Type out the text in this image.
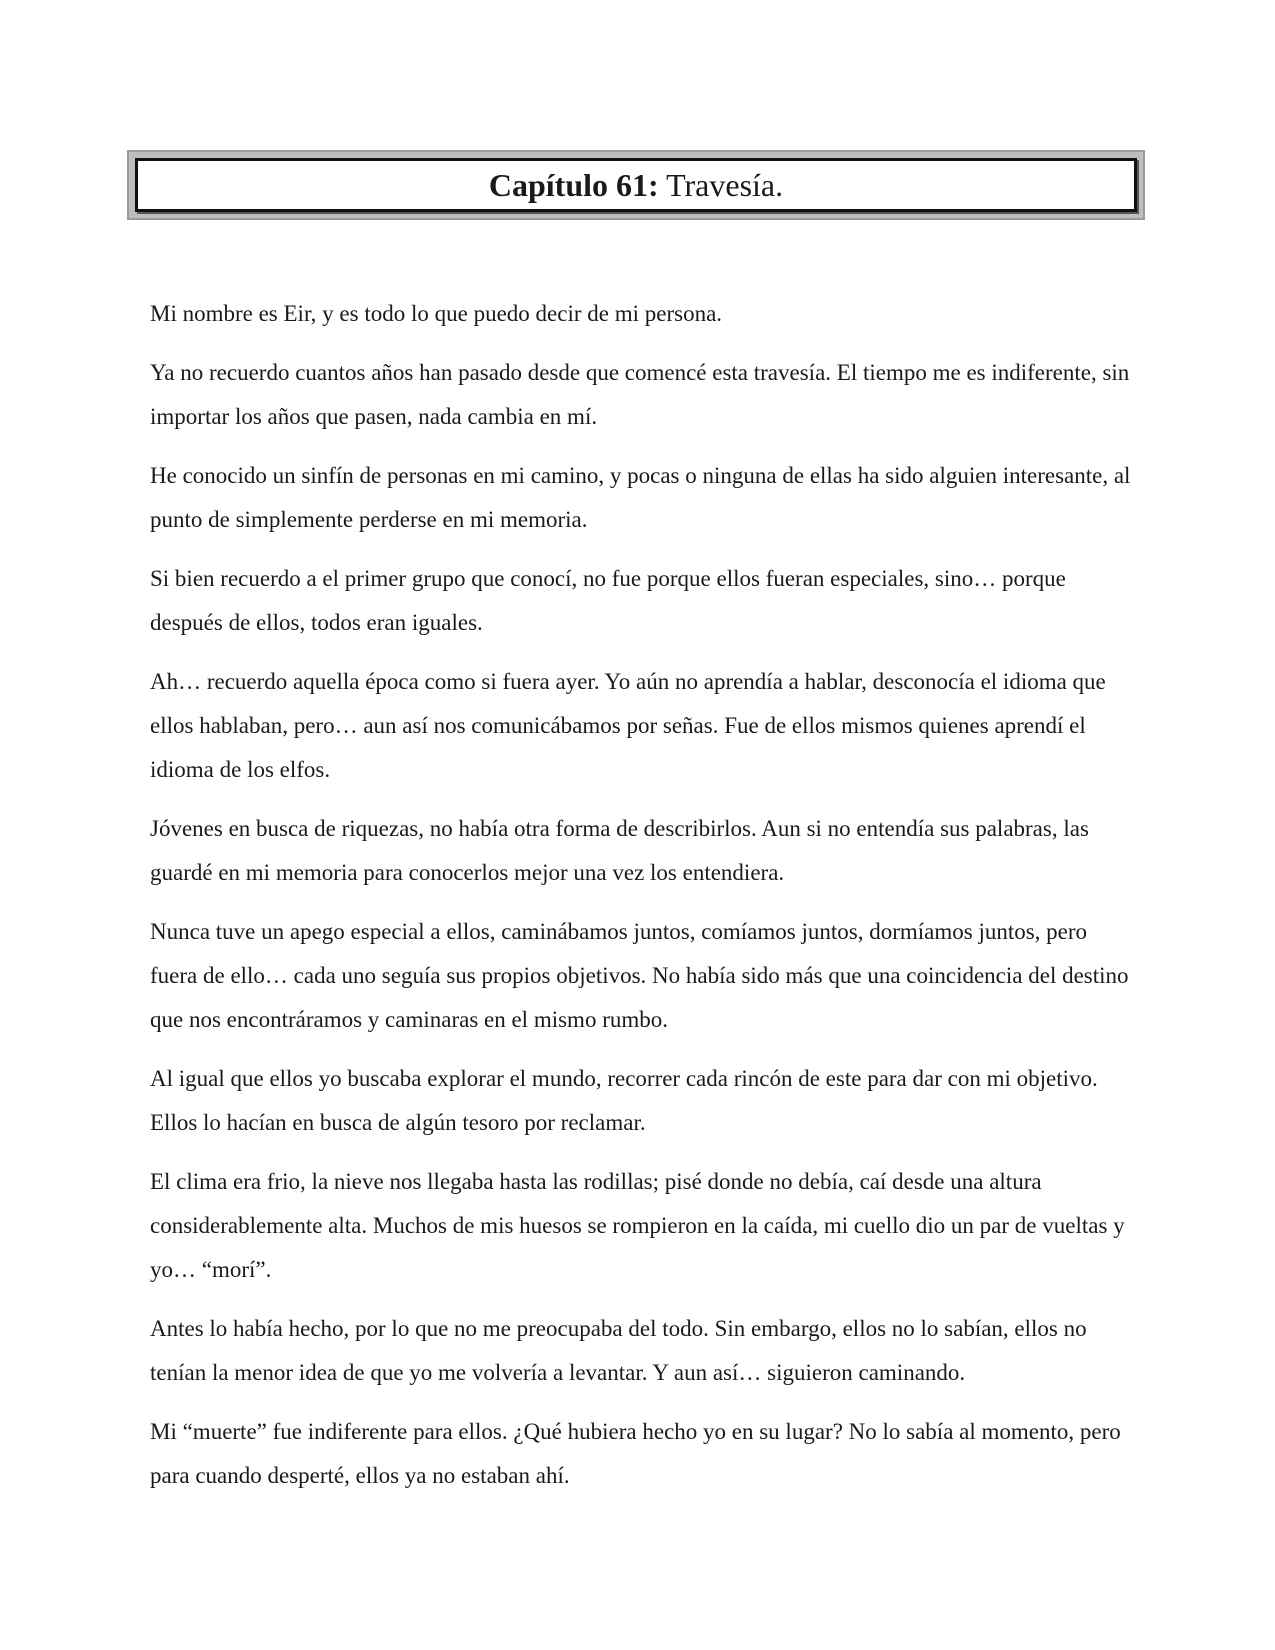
Capítulo 61: Travesía.

Mi nombre es Eir, y es todo lo que puedo decir de mi persona.

Ya no recuerdo cuantos años han pasado desde que comencé esta travesía. El tiempo me es indiferente, sin importar los años que pasen, nada cambia en mí.

He conocido un sinfín de personas en mi camino, y pocas o ninguna de ellas ha sido alguien interesante, al punto de simplemente perderse en mi memoria.

Si bien recuerdo a el primer grupo que conocí, no fue porque ellos fueran especiales, sino… porque después de ellos, todos eran iguales.

Ah… recuerdo aquella época como si fuera ayer. Yo aún no aprendía a hablar, desconocía el idioma que ellos hablaban, pero… aun así nos comunicábamos por señas. Fue de ellos mismos quienes aprendí el idioma de los elfos.

Jóvenes en busca de riquezas, no había otra forma de describirlos. Aun si no entendía sus palabras, las guardé en mi memoria para conocerlos mejor una vez los entendiera.

Nunca tuve un apego especial a ellos, caminábamos juntos, comíamos juntos, dormíamos juntos, pero fuera de ello… cada uno seguía sus propios objetivos. No había sido más que una coincidencia del destino que nos encontráramos y caminaras en el mismo rumbo.

Al igual que ellos yo buscaba explorar el mundo, recorrer cada rincón de este para dar con mi objetivo. Ellos lo hacían en busca de algún tesoro por reclamar.

El clima era frio, la nieve nos llegaba hasta las rodillas; pisé donde no debía, caí desde una altura considerablemente alta. Muchos de mis huesos se rompieron en la caída, mi cuello dio un par de vueltas y yo… “morí”.

Antes lo había hecho, por lo que no me preocupaba del todo. Sin embargo, ellos no lo sabían, ellos no tenían la menor idea de que yo me volvería a levantar. Y aun así… siguieron caminando.

Mi “muerte” fue indiferente para ellos. ¿Qué hubiera hecho yo en su lugar? No lo sabía al momento, pero para cuando desperté, ellos ya no estaban ahí.
